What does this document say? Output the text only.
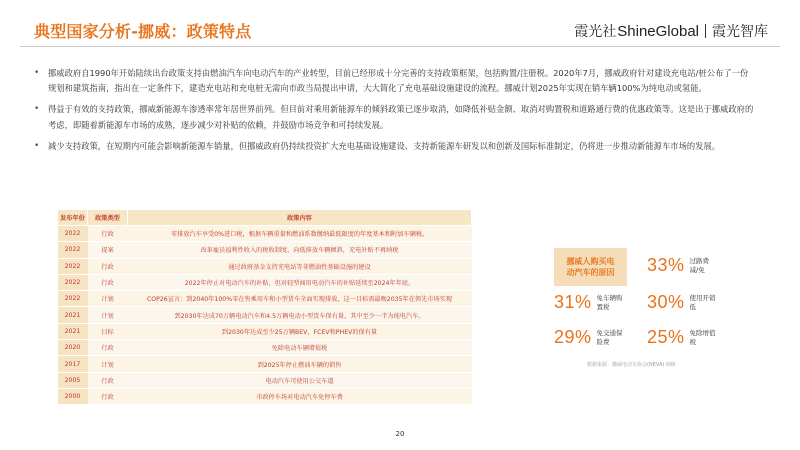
典型国家分析-挪威：政策特点	霞光社 ShineGlobal 霞光智库
• 挪威政府自1990年开始陆续出台政策支持由燃油汽车向电动汽车的产业转型，目前已经形成十分完善的支持政策框架，包括购置/注册税。2020年7月，挪威政府针对建设充电站/桩公布了一份规划和建筑指南，指出在一定条件下，建造充电站和充电桩无需向市政当局提出申请，大大简化了充电基础设施建设的流程。挪威计划2025年实现在销车辆100%为纯电动或氢能。
• 得益于有效的支持政策，挪威新能源车渗透率常年居世界前列。但目前对乘用新能源车的倾斜政策已逐步取消，如降低补贴金额、取消对购置税和道路通行费的优惠政策等。这是出于挪威政府的考虑，即随着新能源车市场的成熟，逐步减少对补贴的依赖，并鼓励市场竞争和可持续发展。
• 减少支持政策，在短期内可能会影响新能源车销量，但挪威政府仍持续投资扩大充电基础设施建设、支持新能源车研发以和创新及国际标准制定，仍将进一步推动新能源车市场的发展。
发布年份	政策类型	政策内容
2022	行政	零排放汽车享受0%进口税，根据车辆重量和燃油系数缴纳最低限度的年度基本和附加车辆税。
2022	提案	改革雇员福利性收入的税收制度，向低排放车辆倾斜，充电补贴不再纳税
2022	行政	通过政府基金支持充电站等非燃油性基础设施的建设
2022	行政	2022年停止对电动汽车的补贴，但对轻型商用电动汽车的补贴延续至2024年年底。
2022	计划	COP26宣言：到2040年100%零在售乘用车和小型货车全面实现排放，这一目标需最晚2035年在领先市场实现
2021	计划	到2030年达成70万辆电动汽车和4.5万辆电动小型货车保有量，其中至少一半为纯电汽车。
2021	目标	到2030年达成至少25万辆BEV、FCEV和PHEV的保有量
2020	行政	免除电动车辆增值税
2017	计划	到2025年停止燃油车辆的销售
2005	行政	电动汽车可使用公交车道
2000	行政	市政停车场对电动汽车免停车费
挪威人购买电动汽车的原因 33% 过路费减/免
31% 免车辆购置税	30% 使用开销低
29% 免交通保险费	25% 免除增值税
数据来源：挪威电动车协会(NEVA) 调研
20
